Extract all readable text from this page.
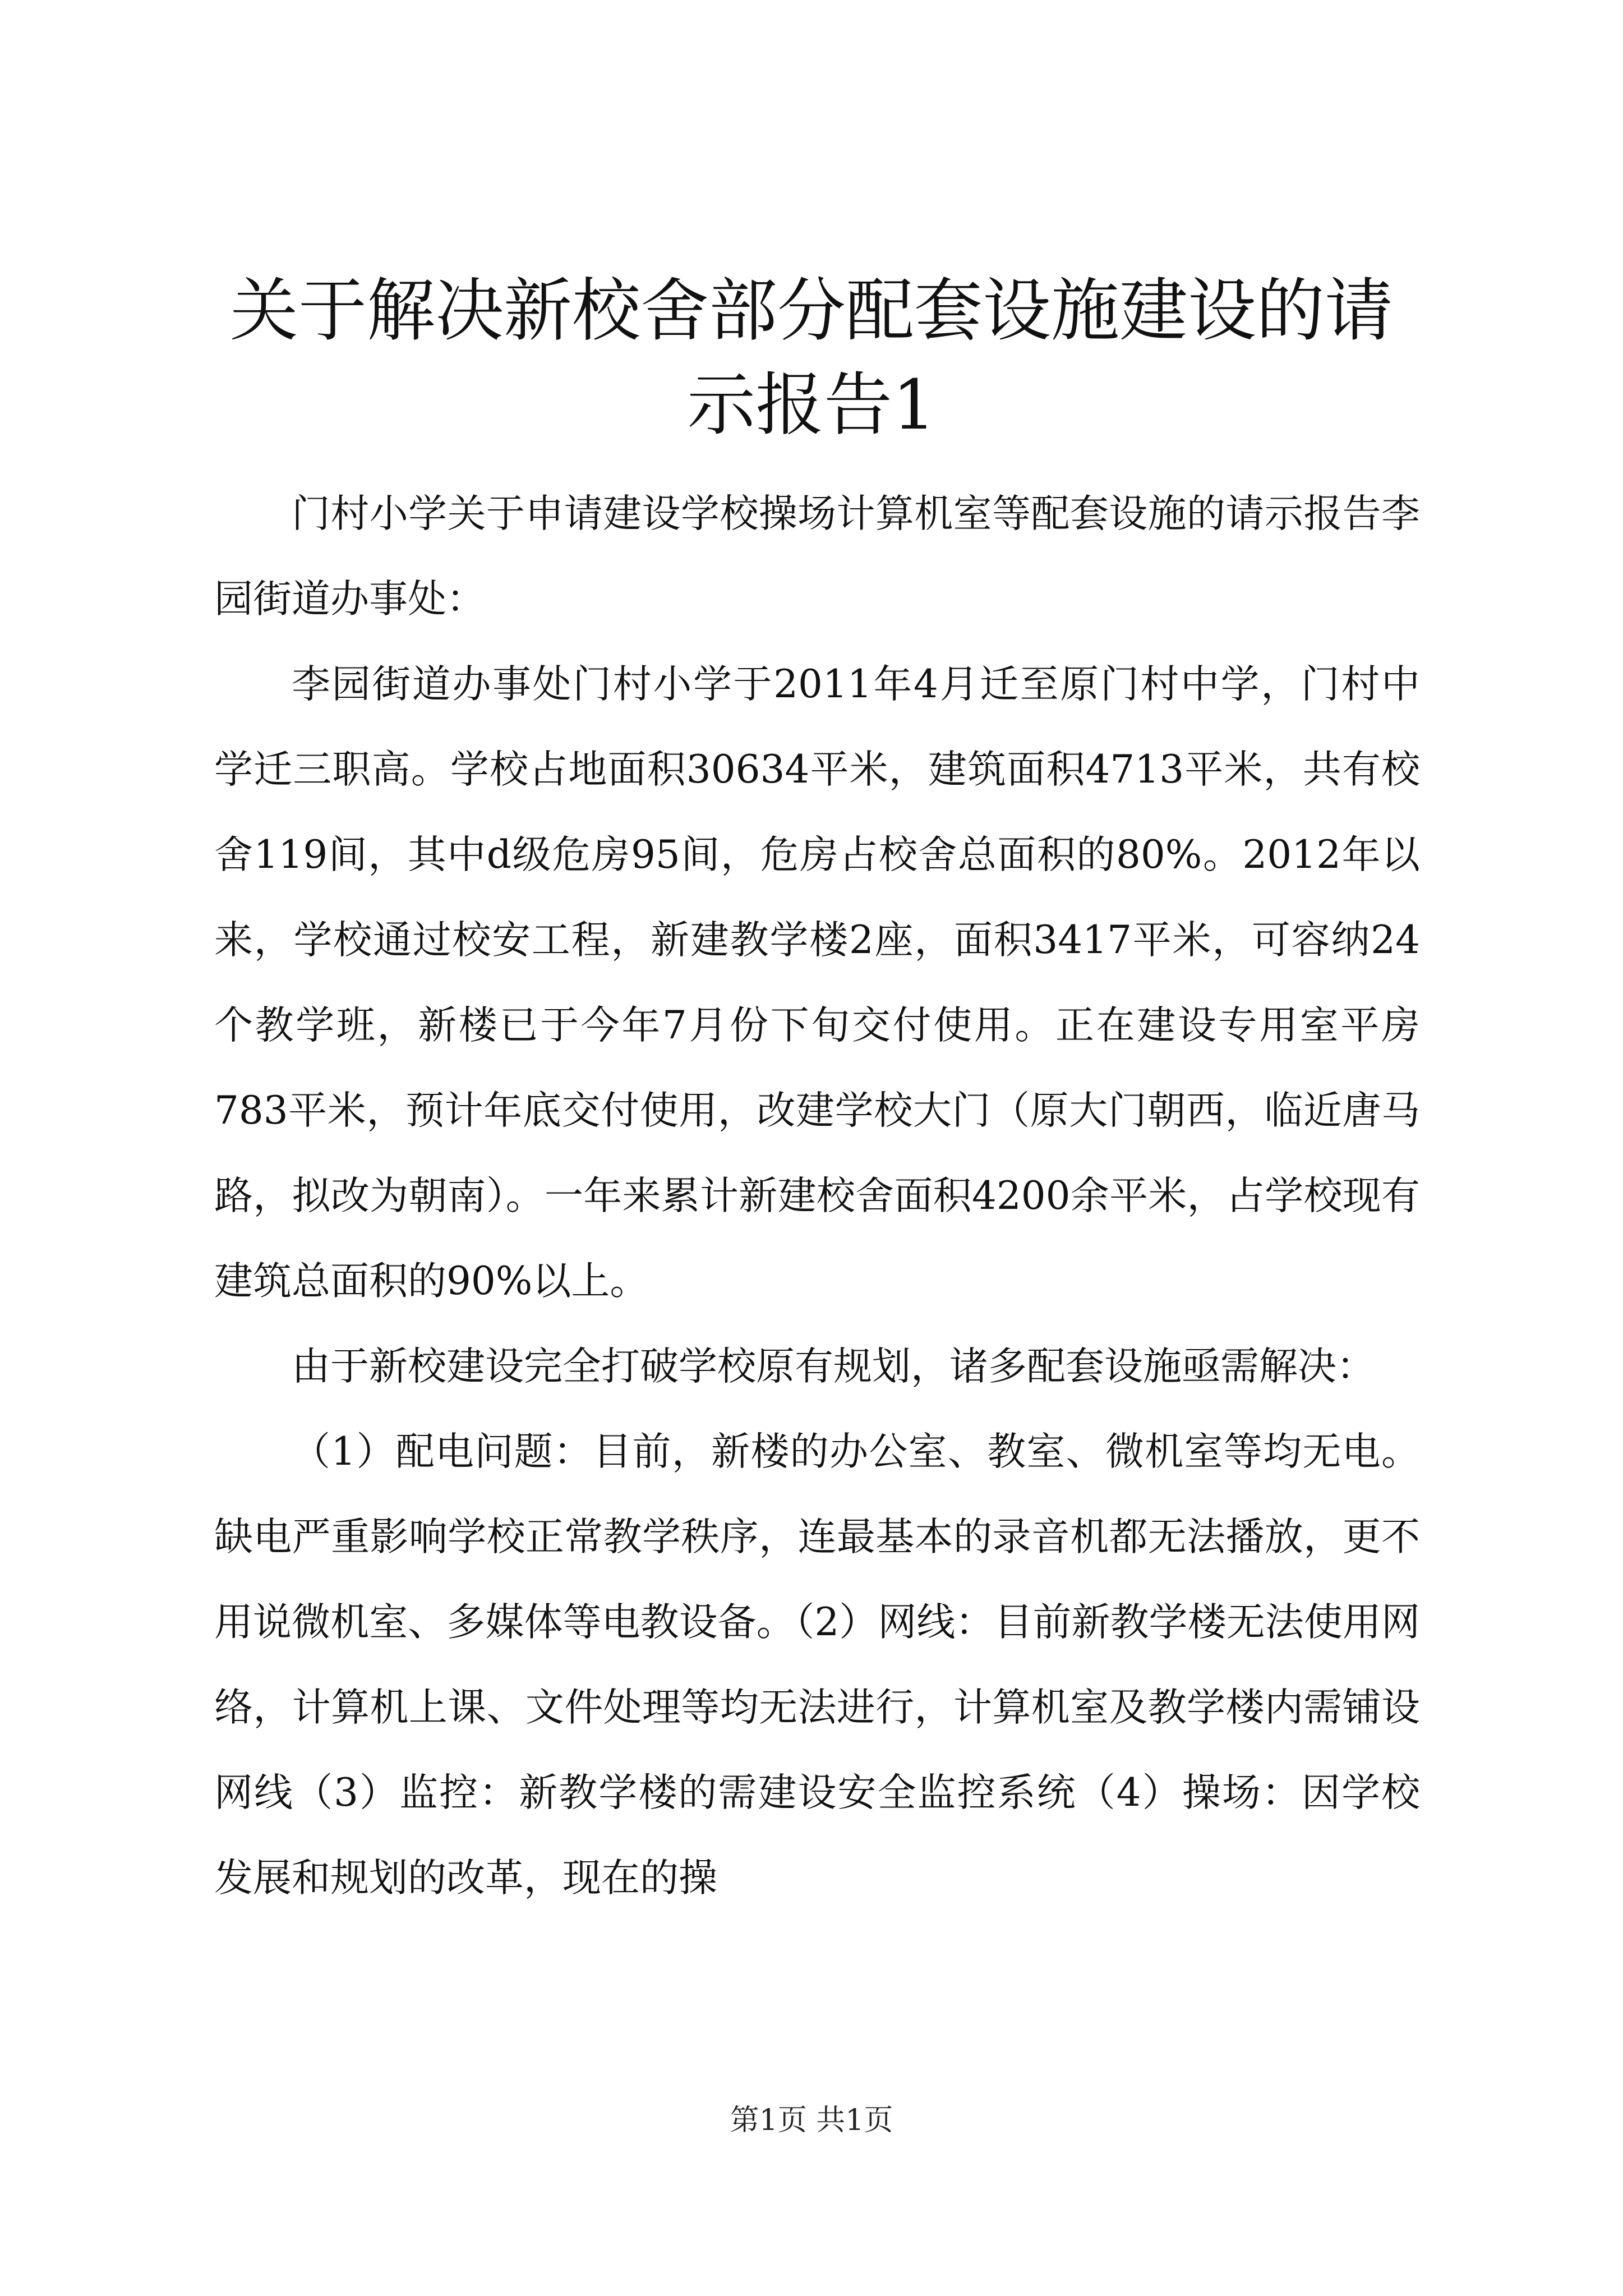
关于解决新校舍部分配套设施建设的请示报告1

门村小学关于申请建设学校操场计算机室等配套设施的请示报告李园街道办事处：

李园街道办事处门村小学于2011年4月迁至原门村中学，门村中学迁三职高。学校占地面积30634平米，建筑面积4713平米，共有校舍119间，其中d级危房95间，危房占校舍总面积的80%。2012年以来，学校通过校安工程，新建教学楼2座，面积3417平米，可容纳24个教学班，新楼已于今年7月份下旬交付使用。正在建设专用室平房783平米，预计年底交付使用，改建学校大门（原大门朝西，临近唐马路，拟改为朝南）。一年来累计新建校舍面积4200余平米，占学校现有建筑总面积的90%以上。

由于新校建设完全打破学校原有规划，诸多配套设施亟需解决：

（1）配电问题：目前，新楼的办公室、教室、微机室等均无电。缺电严重影响学校正常教学秩序，连最基本的录音机都无法播放，更不用说微机室、多媒体等电教设备。（2）网线：目前新教学楼无法使用网络，计算机上课、文件处理等均无法进行，计算机室及教学楼内需铺设网线（3）监控：新教学楼的需建设安全监控系统（4）操场：因学校发展和规划的改革，现在的操

第1页 共1页
